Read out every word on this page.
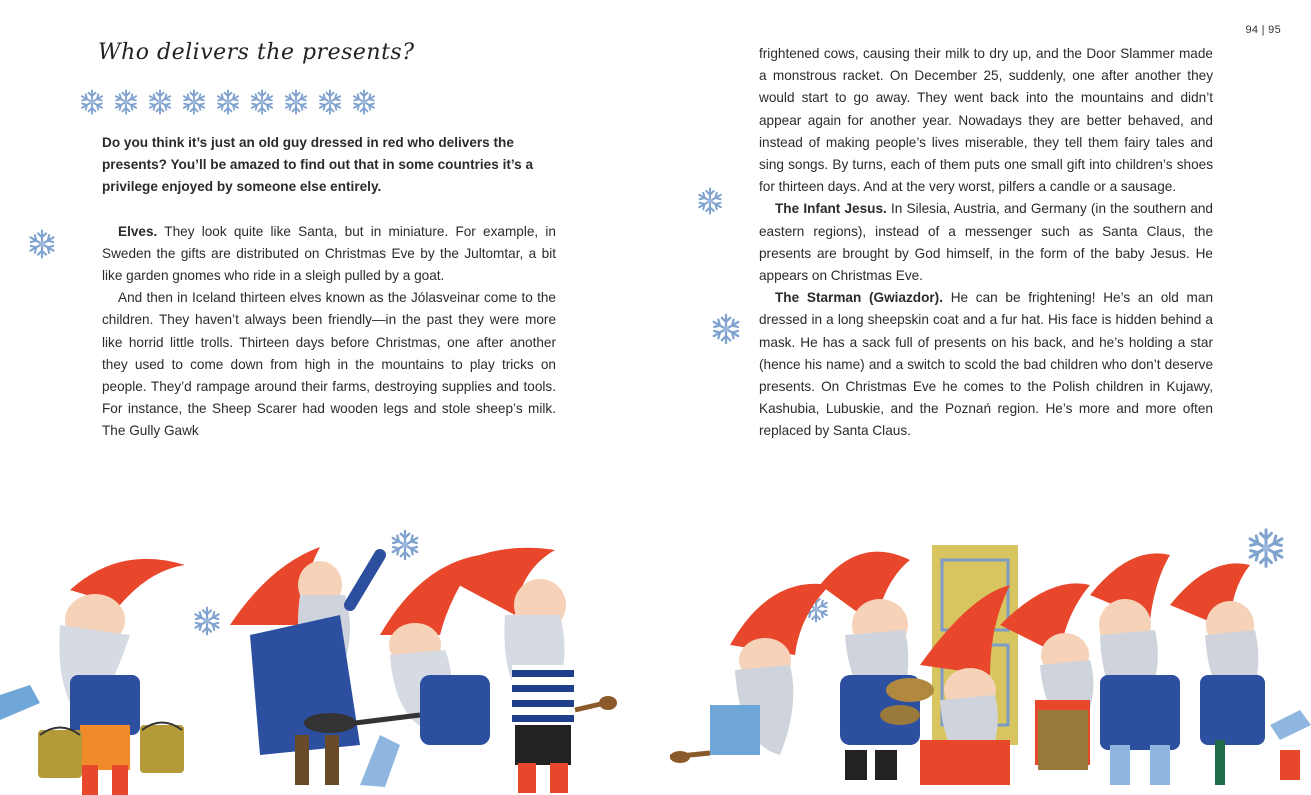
94 | 95
Who delivers the presents?

Do you think it’s just an old guy dressed in red who delivers the presents? You’ll be amazed to find out that in some countries it’s a privilege enjoyed by someone else entirely.

Elves. They look quite like Santa, but in miniature. For example, in Sweden the gifts are distributed on Christmas Eve by the Jultomtar, a bit like garden gnomes who ride in a sleigh pulled by a goat.

And then in Iceland thirteen elves known as the Jólasveinar come to the children. They haven’t always been friendly—in the past they were more like horrid little trolls. Thirteen days before Christmas, one after another they used to come down from high in the mountains to play tricks on people. They’d rampage around their farms, destroying supplies and tools. For instance, the Sheep Scarer had wooden legs and stole sheep’s milk. The Gully Gawk

frightened cows, causing their milk to dry up, and the Door Slammer made a monstrous racket. On December 25, suddenly, one after another they would start to go away. They went back into the mountains and didn’t appear again for another year. Nowadays they are better behaved, and instead of making people’s lives miserable, they tell them fairy tales and sing songs. By turns, each of them puts one small gift into children’s shoes for thirteen days. And at the very worst, pilfers a candle or a sausage.

The Infant Jesus. In Silesia, Austria, and Germany (in the southern and eastern regions), instead of a messenger such as Santa Claus, the presents are brought by God himself, in the form of the baby Jesus. He appears on Christmas Eve.

The Starman (Gwiazdor). He can be frightening! He’s an old man dressed in a long sheepskin coat and a fur hat. His face is hidden behind a mask. He has a sack full of presents on his back, and he’s holding a star (hence his name) and a switch to scold the bad children who don’t deserve presents. On Christmas Eve he comes to the Polish children in Kujawy, Kashubia, Lubuskie, and the Poznań region. He’s more and more often replaced by Santa Claus.
